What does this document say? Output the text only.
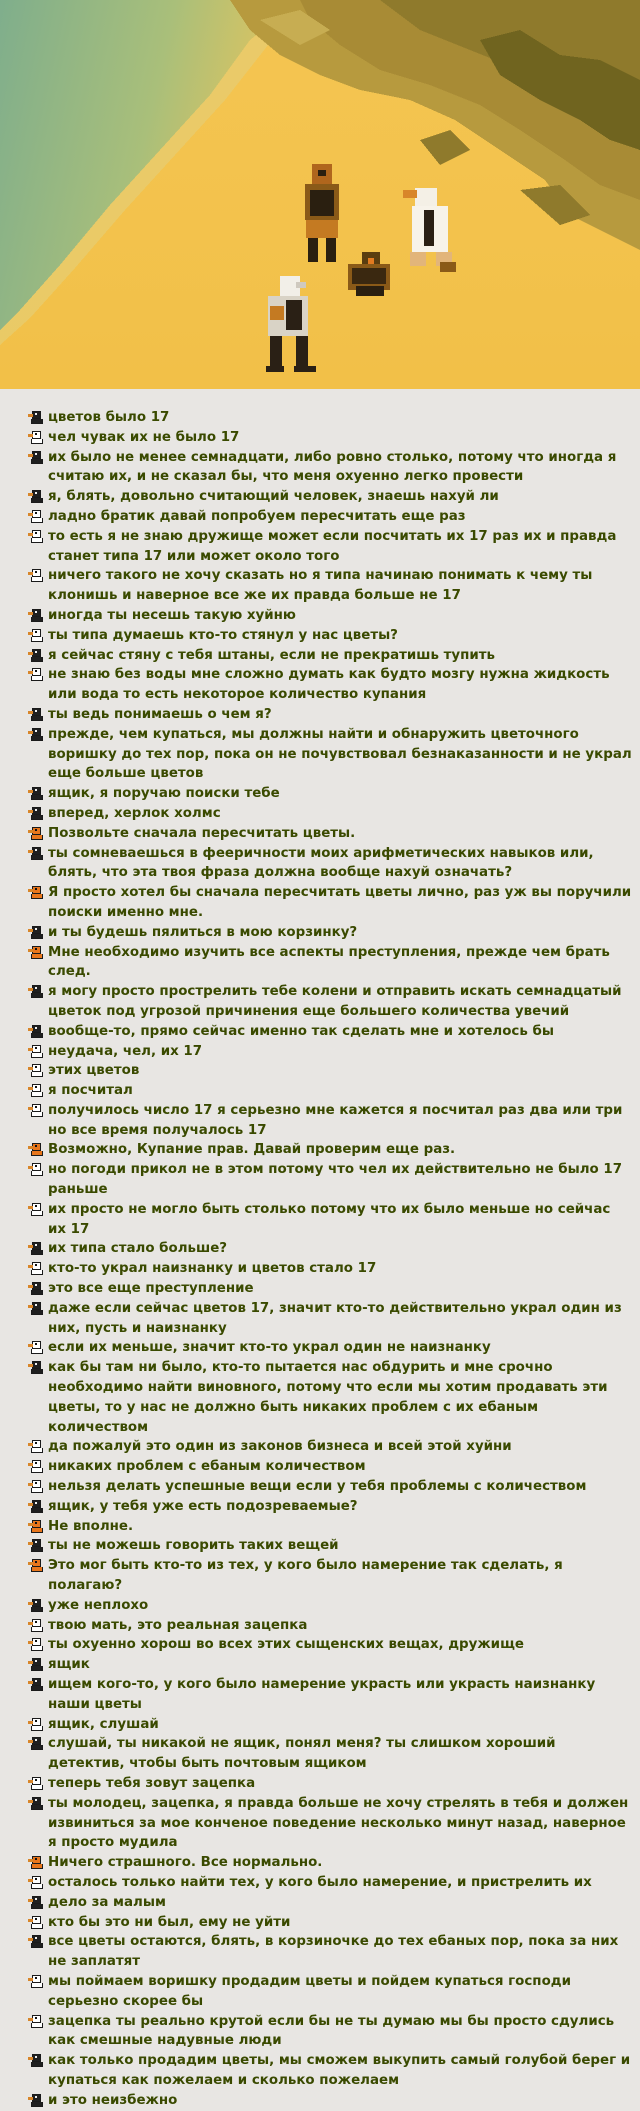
цветов было 17
чел чувак их не было 17
их было не менее семнадцати, либо ровно столько, потому что иногда я считаю их, и не сказал бы, что меня охуенно легко провести
я, блять, довольно считающий человек, знаешь нахуй ли
ладно братик давай попробуем пересчитать еще раз
то есть я не знаю дружище может если посчитать их 17 раз их и правда станет типа 17 или может около того
ничего такого не хочу сказать но я типа начинаю понимать к чему ты клонишь и наверное все же их правда больше не 17
иногда ты несешь такую хуйню
ты типа думаешь кто-то стянул у нас цветы?
я сейчас стяну с тебя штаны, если не прекратишь тупить
не знаю без воды мне сложно думать как будто мозгу нужна жидкость или вода то есть некоторое количество купания
ты ведь понимаешь о чем я?
прежде, чем купаться, мы должны найти и обнаружить цветочного воришку до тех пор, пока он не почувствовал безнаказанности и не украл еще больше цветов
ящик, я поручаю поиски тебе
вперед, херлок холмс
Позвольте сначала пересчитать цветы.
ты сомневаешься в фееричности моих арифметических навыков или, блять, что эта твоя фраза должна вообще нахуй означать?
Я просто хотел бы сначала пересчитать цветы лично, раз уж вы поручили поиски именно мне.
и ты будешь пялиться в мою корзинку?
Мне необходимо изучить все аспекты преступления, прежде чем брать след.
я могу просто прострелить тебе колени и отправить искать семнадцатый цветок под угрозой причинения еще большего количества увечий
вообще-то, прямо сейчас именно так сделать мне и хотелось бы
неудача, чел, их 17
этих цветов
я посчитал
получилось число 17 я серьезно мне кажется я посчитал раз два или три но все время получалось 17
Возможно, Купание прав. Давай проверим еще раз.
но погоди прикол не в этом потому что чел их действительно не было 17 раньше
их просто не могло быть столько потому что их было меньше но сейчас их 17
их типа стало больше?
кто-то украл наизнанку и цветов стало 17
это все еще преступление
даже если сейчас цветов 17, значит кто-то действительно украл один из них, пусть и наизнанку
если их меньше, значит кто-то украл один не наизнанку
как бы там ни было, кто-то пытается нас обдурить и мне срочно необходимо найти виновного, потому что если мы хотим продавать эти цветы, то у нас не должно быть никаких проблем с их ебаным количеством
да пожалуй это один из законов бизнеса и всей этой хуйни
никаких проблем с ебаным количеством
нельзя делать успешные вещи если у тебя проблемы с количеством
ящик, у тебя уже есть подозреваемые?
Не вполне.
ты не можешь говорить таких вещей
Это мог быть кто-то из тех, у кого было намерение так сделать, я полагаю?
уже неплохо
твою мать, это реальная зацепка
ты охуенно хорош во всех этих сыщенских вещах, дружище
ящик
ищем кого-то, у кого было намерение украсть или украсть наизнанку наши цветы
ящик, слушай
слушай, ты никакой не ящик, понял меня? ты слишком хороший детектив, чтобы быть почтовым ящиком
теперь тебя зовут зацепка
ты молодец, зацепка, я правда больше не хочу стрелять в тебя и должен извиниться за мое конченое поведение несколько минут назад, наверное я просто мудила
Ничего страшного. Все нормально.
осталось только найти тех, у кого было намерение, и пристрелить их
дело за малым
кто бы это ни был, ему не уйти
все цветы остаются, блять, в корзиночке до тех ебаных пор, пока за них не заплатят
мы поймаем воришку продадим цветы и пойдем купаться господи серьезно скорее бы
зацепка ты реально крутой если бы не ты думаю мы бы просто сдулись как смешные надувные люди
как только продадим цветы, мы сможем выкупить самый голубой берег и купаться как пожелаем и сколько пожелаем
и это неизбежно
